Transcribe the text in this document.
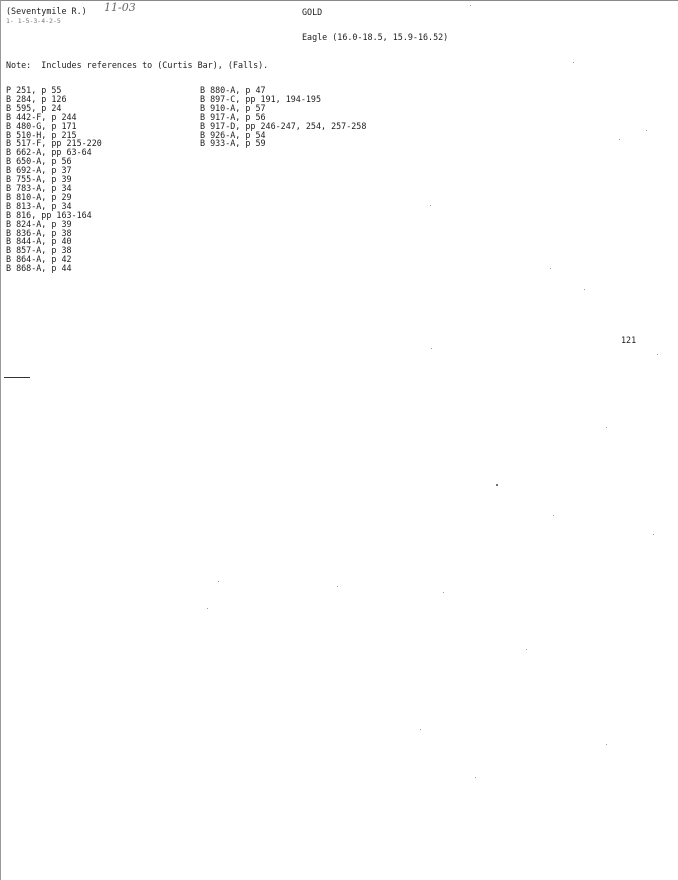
(Seventymile R.) 11-03
1- 1-5-3-4-2-5
GOLD
Eagle (16.0-18.5, 15.9-16.52)
Note:  Includes references to (Curtis Bar), (Falls).
P 251, p 55
B 284, p 126
B 595, p 24
B 442-F, p 244
B 480-G, p 171
B 510-H, p 215
B 517-F, pp 215-220
B 662-A, pp 63-64
B 650-A, p 56
B 692-A, p 37
B 755-A, p 39
B 783-A, p 34
B 810-A, p 29
B 813-A, p 34
B 816, pp 163-164
B 824-A, p 39
B 836-A, p 38
B 844-A, p 40
B 857-A, p 38
B 864-A, p 42
B 868-A, p 44
B 880-A, p 47
B 897-C, pp 191, 194-195
B 910-A, p 57
B 917-A, p 56
B 917-D, pp 246-247, 254, 257-258
B 926-A, p 54
B 933-A, p 59
121
